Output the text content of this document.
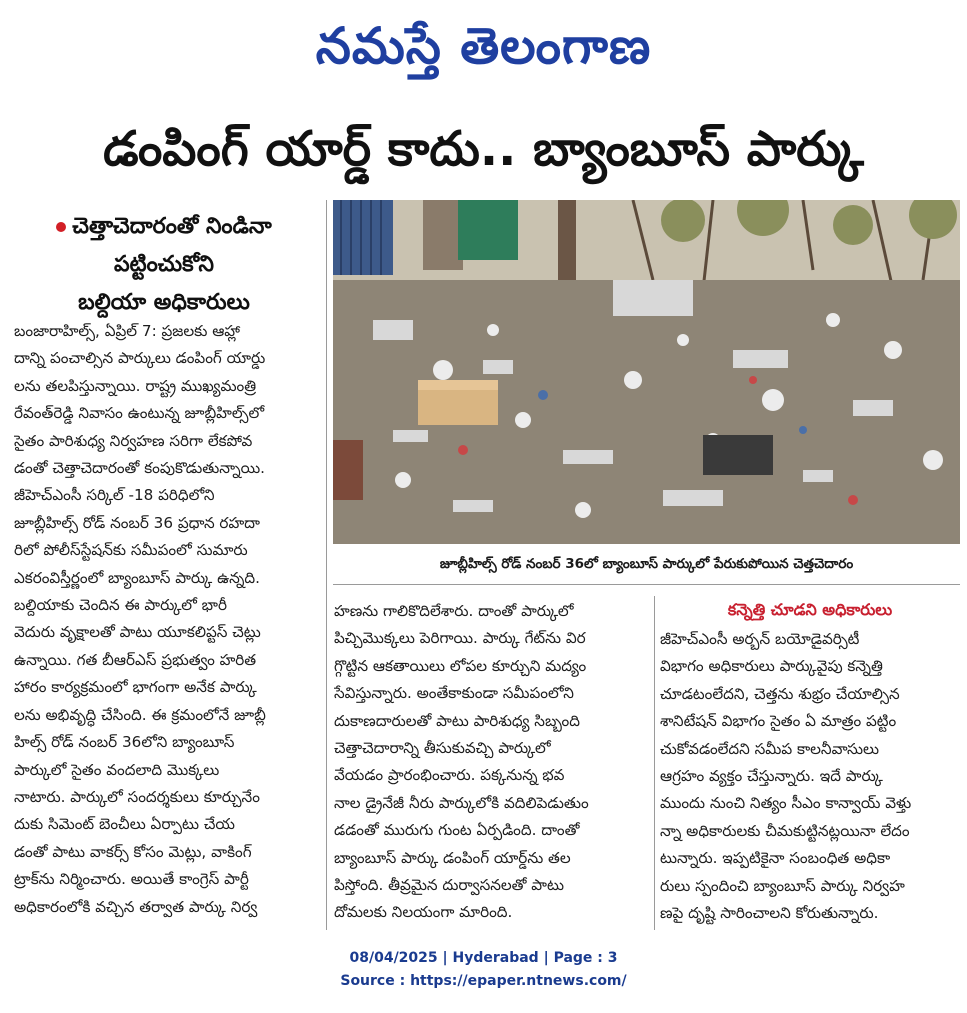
నమస్తే తెలంగాణ
డంపింగ్ యార్డ్ కాదు.. బ్యాంబూస్ పార్కు
చెత్తాచెదారంతో నిండినా
పట్టించుకోని
బల్దియా అధికారులు
బంజారాహిల్స్, ఏప్రిల్ 7: ప్రజలకు ఆహ్లా
దాన్ని పంచాల్సిన పార్కులు డంపింగ్ యార్డు
లను తలపిస్తున్నాయి. రాష్ట్ర ముఖ్యమంత్రి
రేవంత్‌రెడ్డి నివాసం ఉంటున్న జూబ్లీహిల్స్‌లో
సైతం పారిశుధ్య నిర్వహణ సరిగా లేకపోవ
డంతో చెత్తాచెదారంతో కంపుకొడుతున్నాయి.
జీహెచ్‌ఎంసీ సర్కిల్ -18 పరిధిలోని
జూబ్లీహిల్స్ రోడ్ నంబర్ 36 ప్రధాన రహదా
రిలో పోలీస్‌స్టేషన్‌కు సమీపంలో సుమారు
ఎకరంవిస్తీర్ణంలో బ్యాంబూస్ పార్కు ఉన్నది.
బల్దియాకు చెందిన ఈ పార్కులో భారీ
వెదురు వృక్షాలతో పాటు యూకలిప్టస్ చెట్లు
ఉన్నాయి. గత బీఆర్‌ఎస్ ప్రభుత్వం హరిత
హారం కార్యక్రమంలో భాగంగా అనేక పార్కు
లను అభివృద్ధి చేసింది. ఈ క్రమంలోనే జూబ్లీ
హిల్స్ రోడ్ నంబర్ 36లోని బ్యాంబూస్
పార్కులో సైతం వందలాది మొక్కలు
నాటారు. పార్కులో సందర్శకులు కూర్చునేం
దుకు సిమెంట్ బెంచీలు ఏర్పాటు చేయ
డంతో పాటు వాకర్స్ కోసం మెట్లు, వాకింగ్
ట్రాక్‌ను నిర్మించారు. అయితే కాంగ్రెస్ పార్టీ
అధికారంలోకి వచ్చిన తర్వాత పార్కు నిర్వ
జూబ్లీహిల్స్ రోడ్ నంబర్ 36లో బ్యాంబూస్ పార్కులో పేరుకుపోయిన చెత్తచెదారం
హణను గాలికొదిలేశారు. దాంతో పార్కులో
పిచ్చిమొక్కలు పెరిగాయి. పార్కు గేట్‌ను విర
గ్గొట్టిన ఆకతాయిలు లోపల కూర్చుని మద్యం
సేవిస్తున్నారు. అంతేకాకుండా సమీపంలోని
దుకాణదారులతో పాటు పారిశుధ్య సిబ్బంది
చెత్తాచెదారాన్ని తీసుకువచ్చి పార్కులో
వేయడం ప్రారంభించారు. పక్కనున్న భవ
నాల డ్రైనేజీ నీరు పార్కులోకి వదిలిపెడుతుం
డడంతో మురుగు గుంట ఏర్పడింది. దాంతో
బ్యాంబూస్ పార్కు డంపింగ్ యార్డ్‌ను తల
పిస్తోంది. తీవ్రమైన దుర్వాసనలతో పాటు
దోమలకు నిలయంగా మారింది.
కన్నెత్తి చూడని అధికారులు
జీహెచ్‌ఎంసీ అర్బన్ బయోడైవర్సిటీ
విభాగం అధికారులు పార్కువైపు కన్నెత్తి
చూడటంలేదని, చెత్తను శుభ్రం చేయాల్సిన
శానిటేషన్ విభాగం సైతం ఏ మాత్రం పట్టిం
చుకోవడంలేదని సమీప కాలనీవాసులు
ఆగ్రహం వ్యక్తం చేస్తున్నారు. ఇదే పార్కు
ముందు నుంచి నిత్యం సీఎం కాన్వాయ్ వెళ్తు
న్నా అధికారులకు చీమకుట్టినట్లయినా లేదం
టున్నారు. ఇప్పటికైనా సంబంధిత అధికా
రులు స్పందించి బ్యాంబూస్ పార్కు నిర్వహ
ణపై దృష్టి సారించాలని కోరుతున్నారు.
08/04/2025 | Hyderabad | Page : 3
Source : https://epaper.ntnews.com/
